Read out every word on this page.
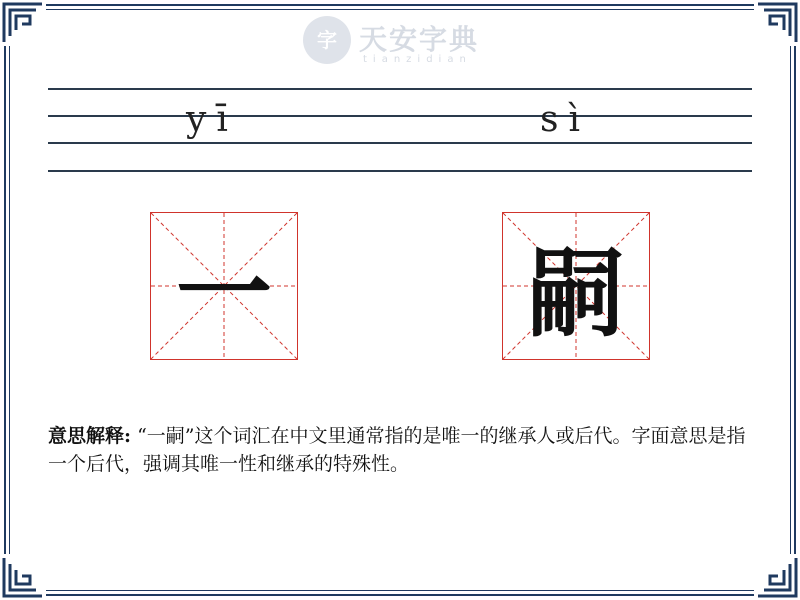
字 天安字典
tianzidian
yī	sì
一	嗣
意思解释: “一嗣”这个词汇在中文里通常指的是唯一的继承人或后代。字面意思是指一个后代，强调其唯一性和继承的特殊性。
